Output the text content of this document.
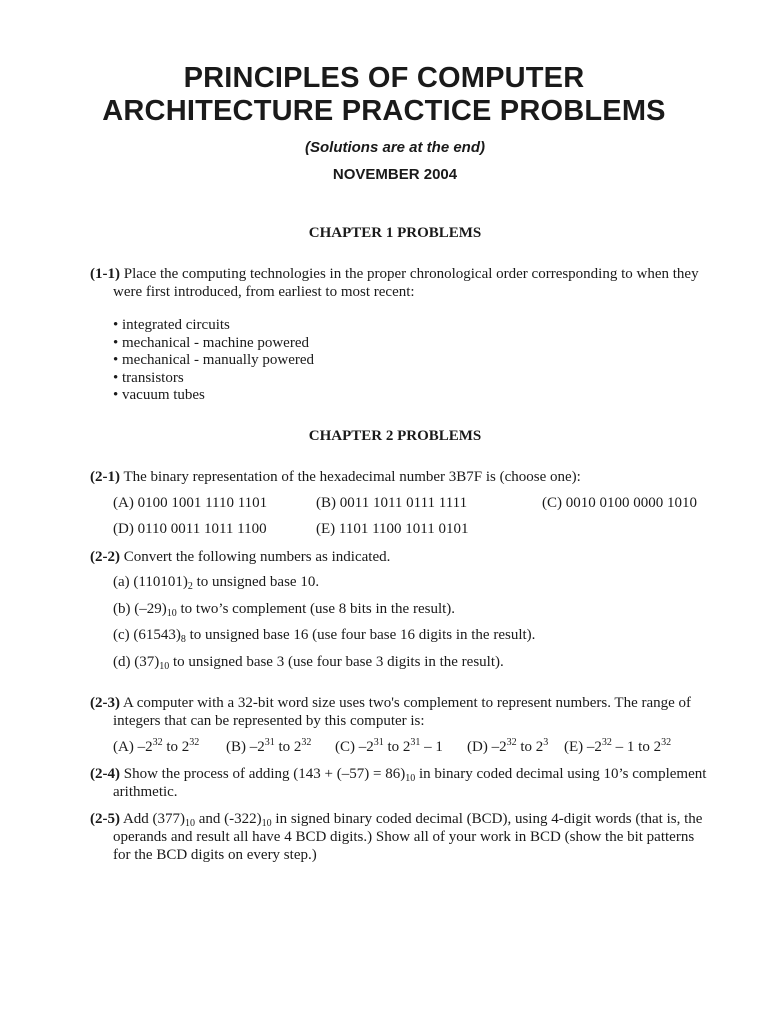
PRINCIPLES OF COMPUTER
ARCHITECTURE PRACTICE PROBLEMS
(Solutions are at the end)
NOVEMBER 2004
CHAPTER 1 PROBLEMS
(1-1) Place the computing technologies in the proper chronological order corresponding to when they
were first introduced, from earliest to most recent:
• integrated circuits
• mechanical - machine powered
• mechanical - manually powered
• transistors
• vacuum tubes
CHAPTER 2 PROBLEMS
(2-1) The binary representation of the hexadecimal number 3B7F is (choose one):
(A) 0100 1001 1110 1101	(B) 0011 1011 0111 1111	(C) 0010 0100 0000 1010
(D) 0110 0011 1011 1100	(E) 1101 1100 1011 0101
(2-2) Convert the following numbers as indicated.
(a) $(110101)_2$ to unsigned base 10.
(b) $(-29)_{10}$ to two’s complement (use 8 bits in the result).
(c) $(61543)_8$ to unsigned base 16 (use four base 16 digits in the result).
(d) $(37)_{10}$ to unsigned base 3 (use four base 3 digits in the result).
(2-3) A computer with a 32-bit word size uses two's complement to represent numbers. The range of
integers that can be represented by this computer is:
(A) $-2^{32}$ to $2^{32}$ (B) $-2^{31}$ to $2^{32}$ (C) $-2^{31}$ to $2^{31} - 1$ (D) $-2^{32}$ to $2^3$ (E) $-2^{32} - 1$ to $2^{32}$
(2-4) Show the process of adding $(143 + (-57) = 86)_{10}$ in binary coded decimal using 10’s complement
arithmetic.
(2-5) Add $(377)_{10}$ and $(-322)_{10}$ in signed binary coded decimal (BCD), using 4-digit words (that is, the
operands and result all have 4 BCD digits.) Show all of your work in BCD (show the bit patterns
for the BCD digits on every step.)
